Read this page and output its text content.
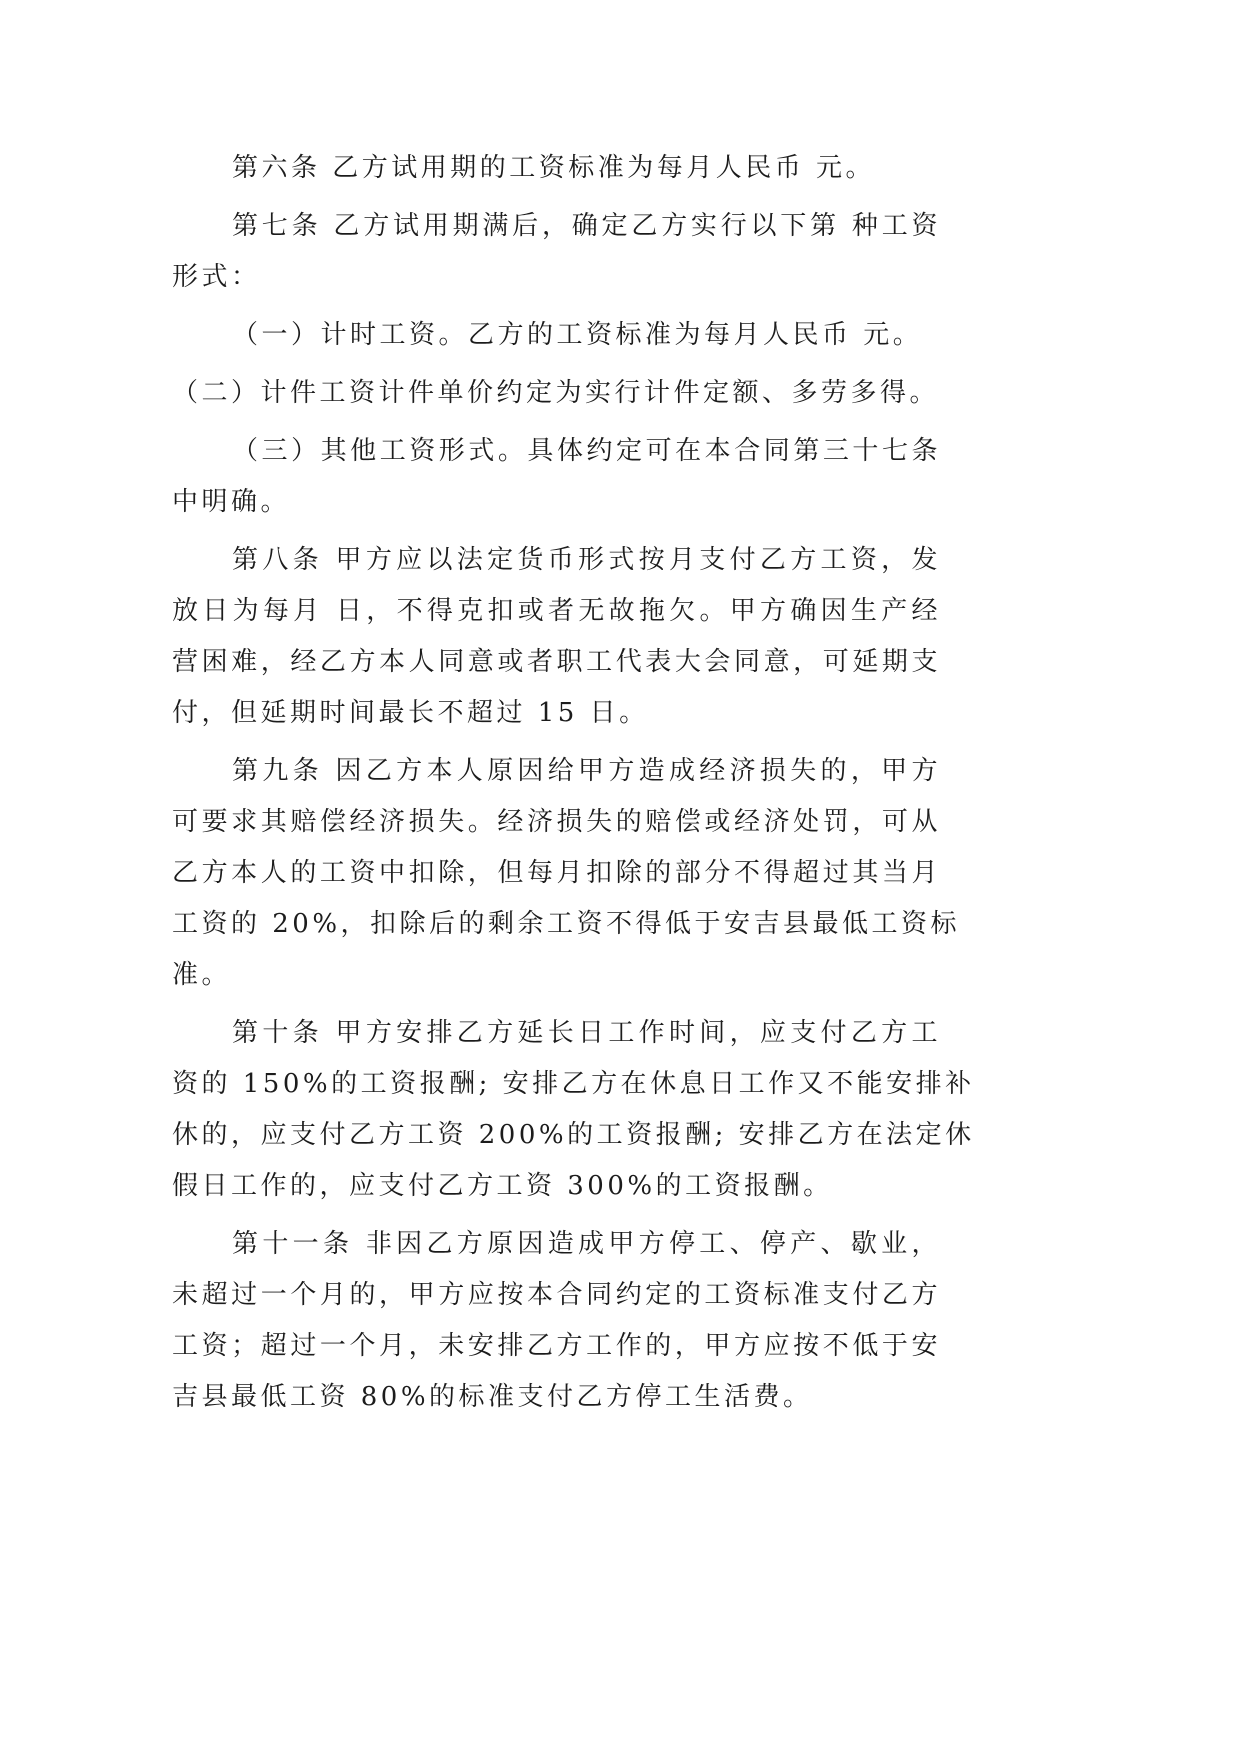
第六条 乙方试用期的工资标准为每月人民币 元。
第七条 乙方试用期满后，确定乙方实行以下第 种工资
形式：
（一）计时工资。乙方的工资标准为每月人民币 元。
（二）计件工资计件单价约定为实行计件定额、多劳多得。
（三）其他工资形式。具体约定可在本合同第三十七条
中明确。
第八条 甲方应以法定货币形式按月支付乙方工资，发
放日为每月 日，不得克扣或者无故拖欠。甲方确因生产经
营困难，经乙方本人同意或者职工代表大会同意，可延期支
付，但延期时间最长不超过 15 日。
第九条 因乙方本人原因给甲方造成经济损失的，甲方
可要求其赔偿经济损失。经济损失的赔偿或经济处罚，可从
乙方本人的工资中扣除，但每月扣除的部分不得超过其当月
工资的 20%，扣除后的剩余工资不得低于安吉县最低工资标
准。
第十条 甲方安排乙方延长日工作时间，应支付乙方工
资的 150%的工资报酬; 安排乙方在休息日工作又不能安排补
休的，应支付乙方工资 200%的工资报酬; 安排乙方在法定休
假日工作的，应支付乙方工资 300%的工资报酬。
第十一条 非因乙方原因造成甲方停工、停产、歇业，
未超过一个月的，甲方应按本合同约定的工资标准支付乙方
工资；超过一个月，未安排乙方工作的，甲方应按不低于安
吉县最低工资 80%的标准支付乙方停工生活费。
